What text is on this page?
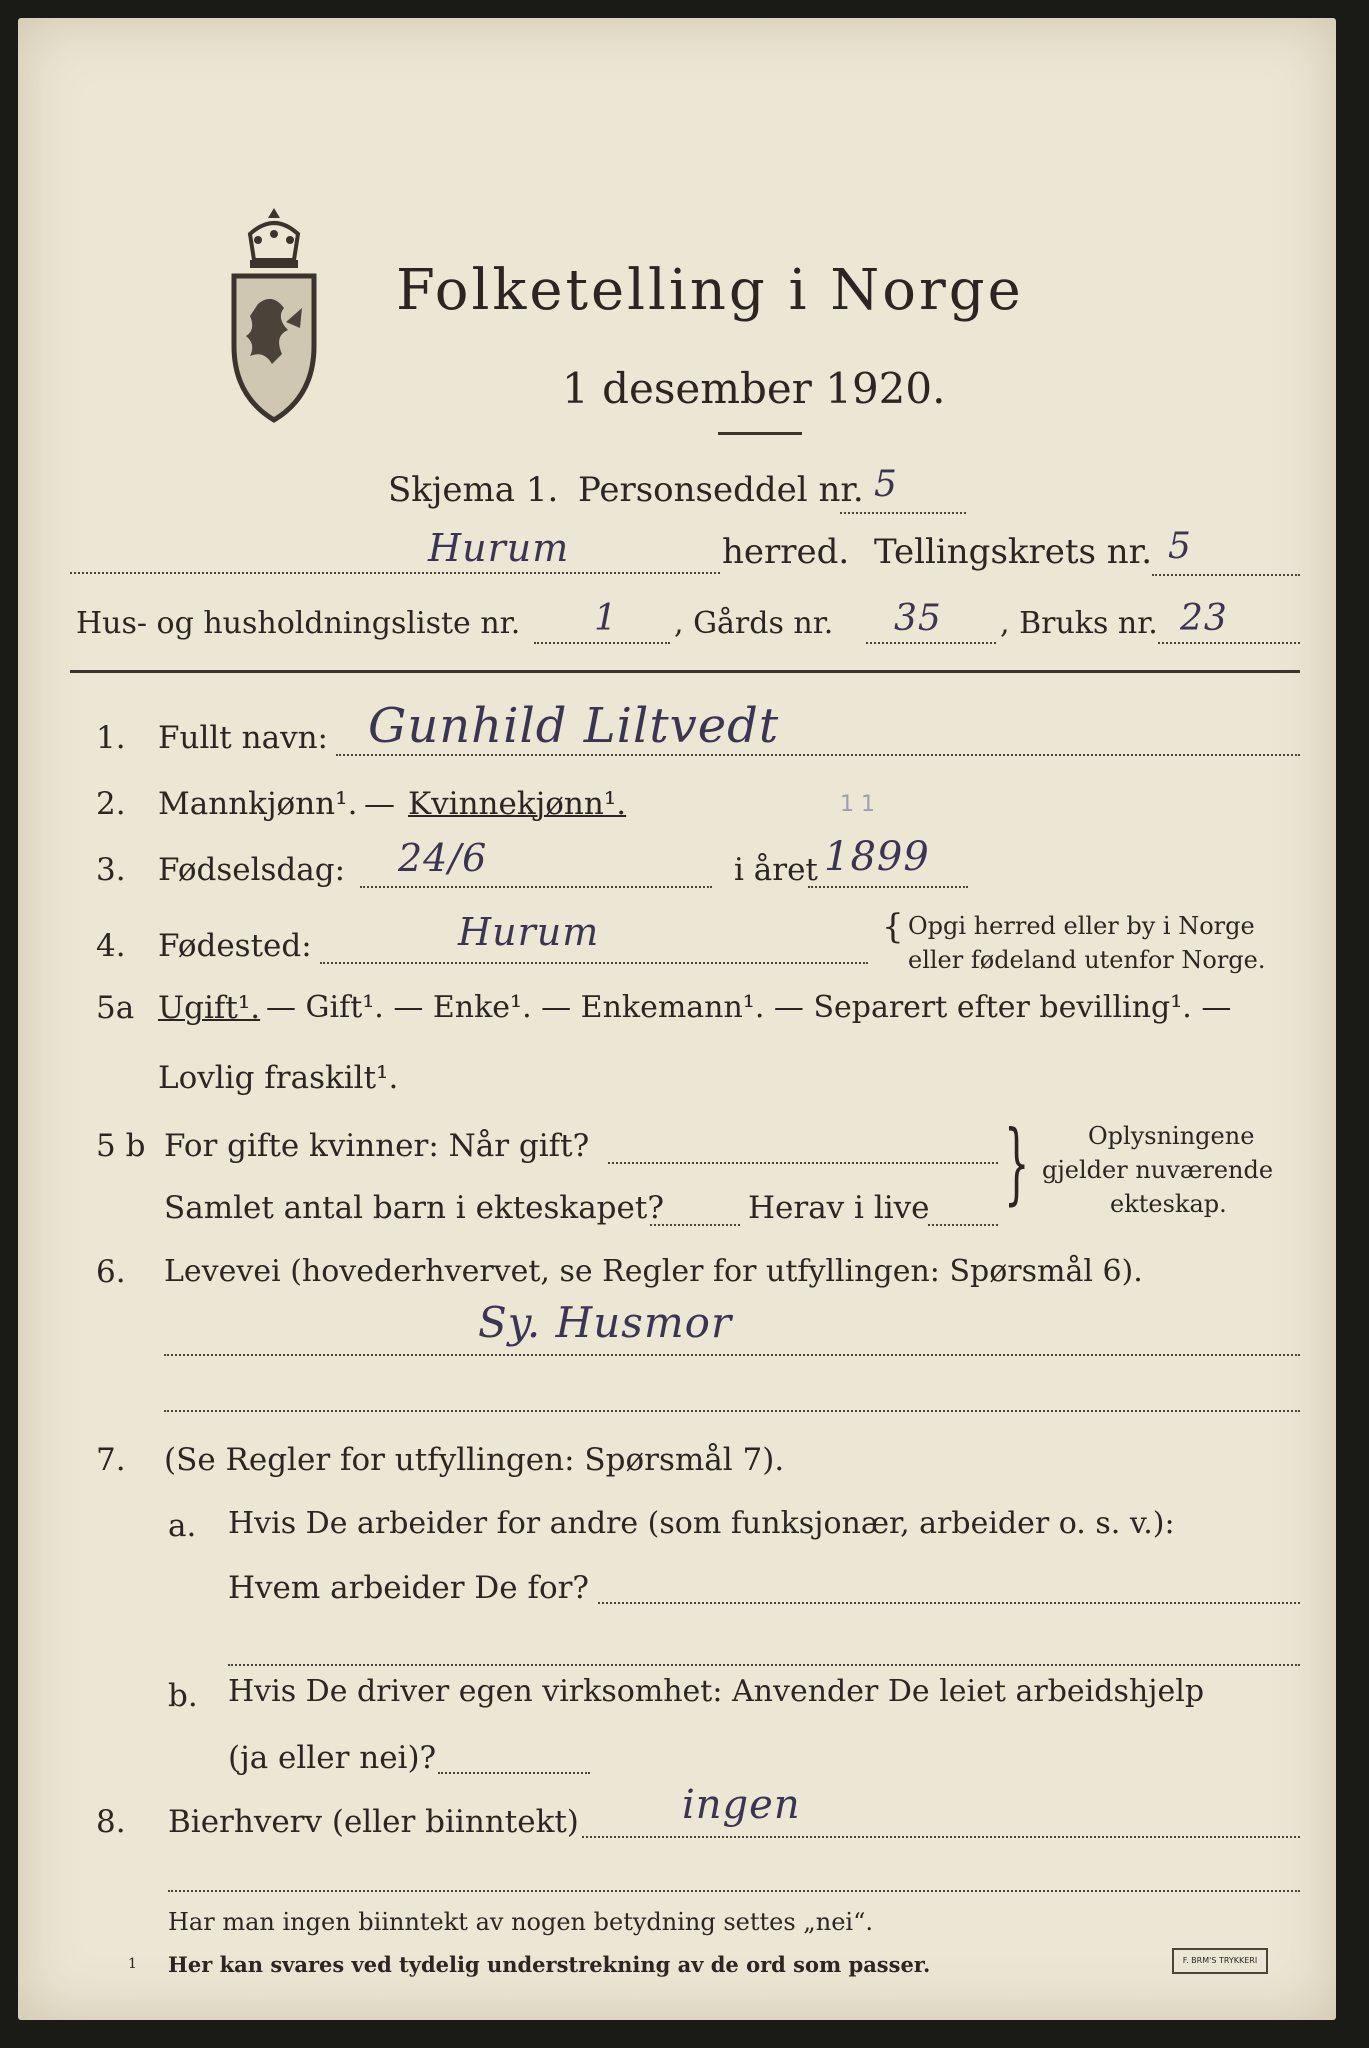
Folketelling i Norge
1 desember 1920.
Skjema 1. Personseddel nr. 5
Hurum	herred. Tellingskrets nr. 5
Hus- og husholdningsliste nr. 1 , Gårds nr. 35 , Bruks nr. 23
1. Fullt navn: Gunhild Liltvedt
2. Mannkjønn¹. — Kvinnekjønn¹.	1 1
3. Fødselsdag: 24/6	i året 1899
4. Fødested:	Hurum	{ Opgi herred eller by i Norge
eller fødeland utenfor Norge.
5a Ugift¹. — Gift¹. — Enke¹. — Enkemann¹. — Separert efter bevilling¹. —
Lovlig fraskilt¹.
5 b For gifte kvinner: Når gift?
Samlet antal barn i ekteskapet?	Herav i live } Oplysningene
gjelder nuværende
ekteskap.
6. Levevei (hovederhvervet, se Regler for utfyllingen: Spørsmål 6).
Sy. Husmor
7. (Se Regler for utfyllingen: Spørsmål 7).
a. Hvis De arbeider for andre (som funksjonær, arbeider o. s. v.):
Hvem arbeider De for?
b. Hvis De driver egen virksomhet: Anvender De leiet arbeidshjelp
(ja eller nei)?
8. Bierhverv (eller biinntekt)	ingen
Har man ingen biinntekt av nogen betydning settes „nei“.
1 Her kan svares ved tydelig understrekning av de ord som passer.	F. BRM'S TRYKKERI
